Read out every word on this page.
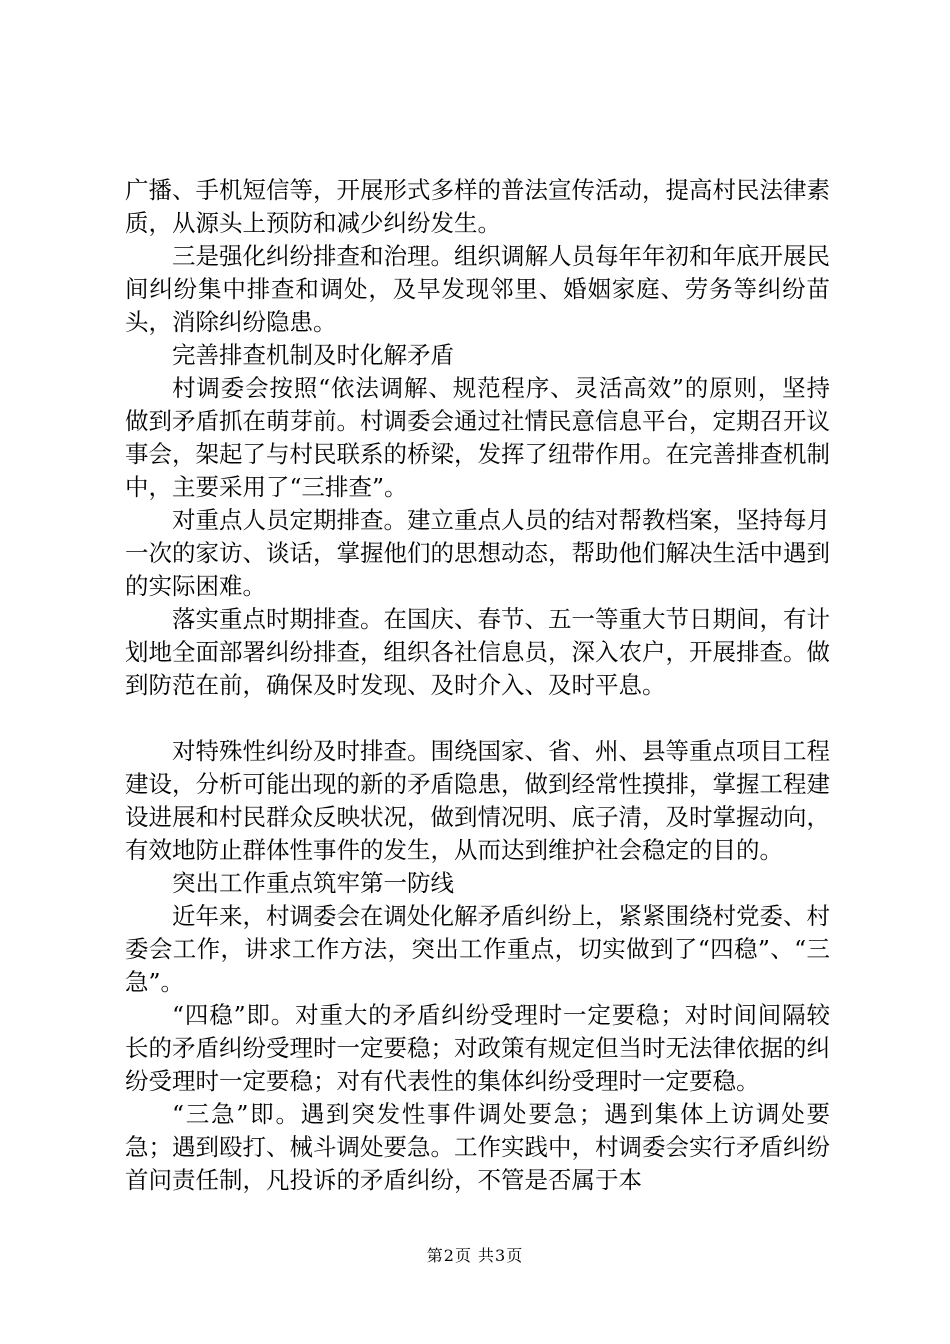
广播、手机短信等，开展形式多样的普法宣传活动，提高村民法律素质，从源头上预防和减少纠纷发生。

三是强化纠纷排查和治理。组织调解人员每年年初和年底开展民间纠纷集中排查和调处，及早发现邻里、婚姻家庭、劳务等纠纷苗头，消除纠纷隐患。

完善排查机制及时化解矛盾

村调委会按照“依法调解、规范程序、灵活高效”的原则，坚持做到矛盾抓在萌芽前。村调委会通过社情民意信息平台，定期召开议事会，架起了与村民联系的桥梁，发挥了纽带作用。在完善排查机制中，主要采用了“三排查”。

对重点人员定期排查。建立重点人员的结对帮教档案，坚持每月一次的家访、谈话，掌握他们的思想动态，帮助他们解决生活中遇到的实际困难。

落实重点时期排查。在国庆、春节、五一等重大节日期间，有计划地全面部署纠纷排查，组织各社信息员，深入农户，开展排查。做到防范在前，确保及时发现、及时介入、及时平息。

对特殊性纠纷及时排查。围绕国家、省、州、县等重点项目工程建设，分析可能出现的新的矛盾隐患，做到经常性摸排，掌握工程建设进展和村民群众反映状况，做到情况明、底子清，及时掌握动向，有效地防止群体性事件的发生，从而达到维护社会稳定的目的。

突出工作重点筑牢第一防线

近年来，村调委会在调处化解矛盾纠纷上，紧紧围绕村党委、村委会工作，讲求工作方法，突出工作重点，切实做到了“四稳”、“三急”。

“四稳”即。对重大的矛盾纠纷受理时一定要稳；对时间间隔较长的矛盾纠纷受理时一定要稳；对政策有规定但当时无法律依据的纠纷受理时一定要稳；对有代表性的集体纠纷受理时一定要稳。

“三急”即。遇到突发性事件调处要急；遇到集体上访调处要急；遇到殴打、械斗调处要急。工作实践中，村调委会实行矛盾纠纷首问责任制，凡投诉的矛盾纠纷，不管是否属于本

第2页 共3页
